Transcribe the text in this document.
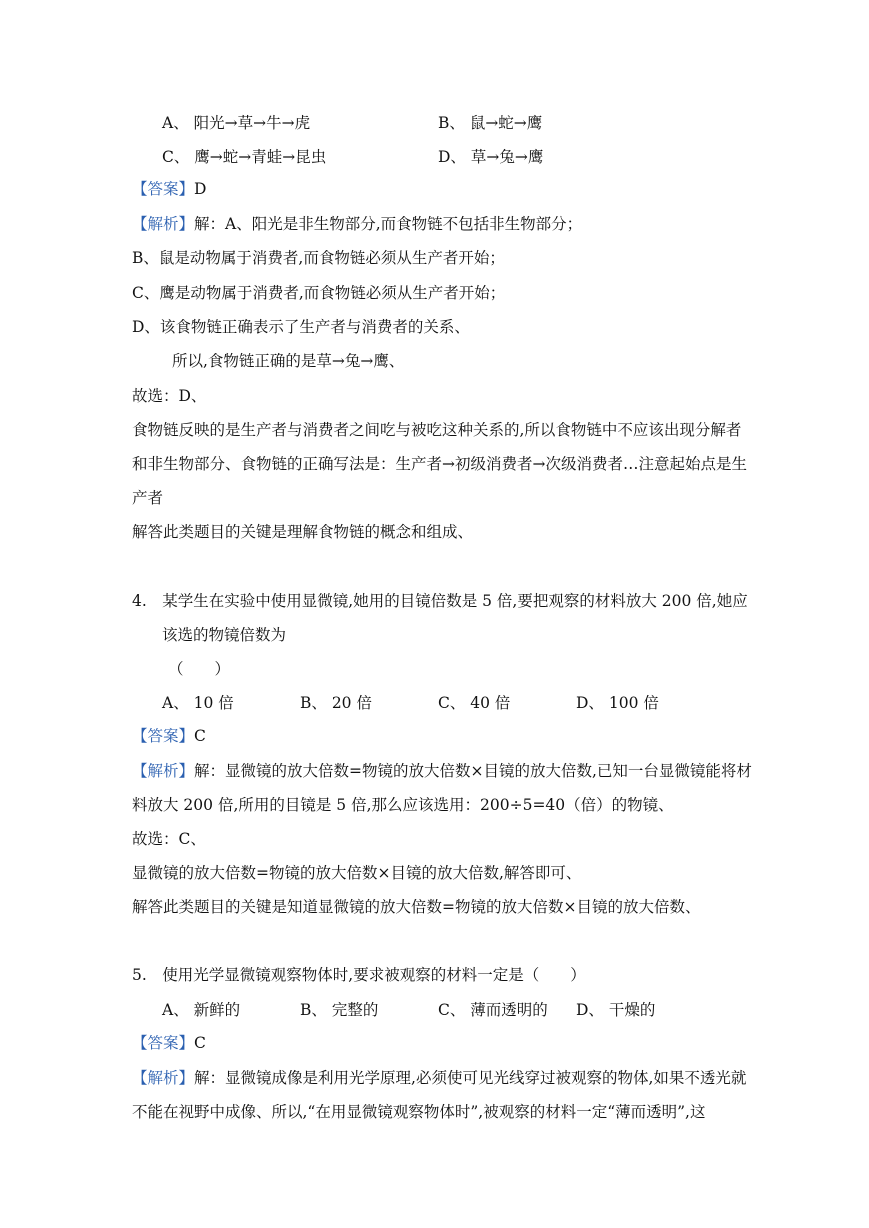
A、 阳光→草→牛→虎	B、 鼠→蛇→鹰
C、 鹰→蛇→青蛙→昆虫	D、 草→兔→鹰
【答案】D
【解析】解：A、阳光是非生物部分,而食物链不包括非生物部分；
B、鼠是动物属于消费者,而食物链必须从生产者开始；
C、鹰是动物属于消费者,而食物链必须从生产者开始；
D、该食物链正确表示了生产者与消费者的关系、
所以,食物链正确的是草→兔→鹰、
故选：D、
食物链反映的是生产者与消费者之间吃与被吃这种关系的,所以食物链中不应该出现分解者
和非生物部分、食物链的正确写法是：生产者→初级消费者→次级消费者…注意起始点是生
产者
解答此类题目的关键是理解食物链的概念和组成、
4.　某学生在实验中使用显微镜,她用的目镜倍数是 5 倍,要把观察的材料放大 200 倍,她应
该选的物镜倍数为
（　　）
A、 10 倍	B、 20 倍	C、 40 倍	D、 100 倍
【答案】C
【解析】解：显微镜的放大倍数=物镜的放大倍数×目镜的放大倍数,已知一台显微镜能将材
料放大 200 倍,所用的目镜是 5 倍,那么应该选用：200÷5=40（倍）的物镜、
故选：C、
显微镜的放大倍数=物镜的放大倍数×目镜的放大倍数,解答即可、
解答此类题目的关键是知道显微镜的放大倍数=物镜的放大倍数×目镜的放大倍数、
5.　使用光学显微镜观察物体时,要求被观察的材料一定是（　　）
A、 新鲜的	B、 完整的	C、 薄而透明的 D、 干燥的
【答案】C
【解析】解：显微镜成像是利用光学原理,必须使可见光线穿过被观察的物体,如果不透光就
不能在视野中成像、所以,“在用显微镜观察物体时”,被观察的材料一定“薄而透明”,这
